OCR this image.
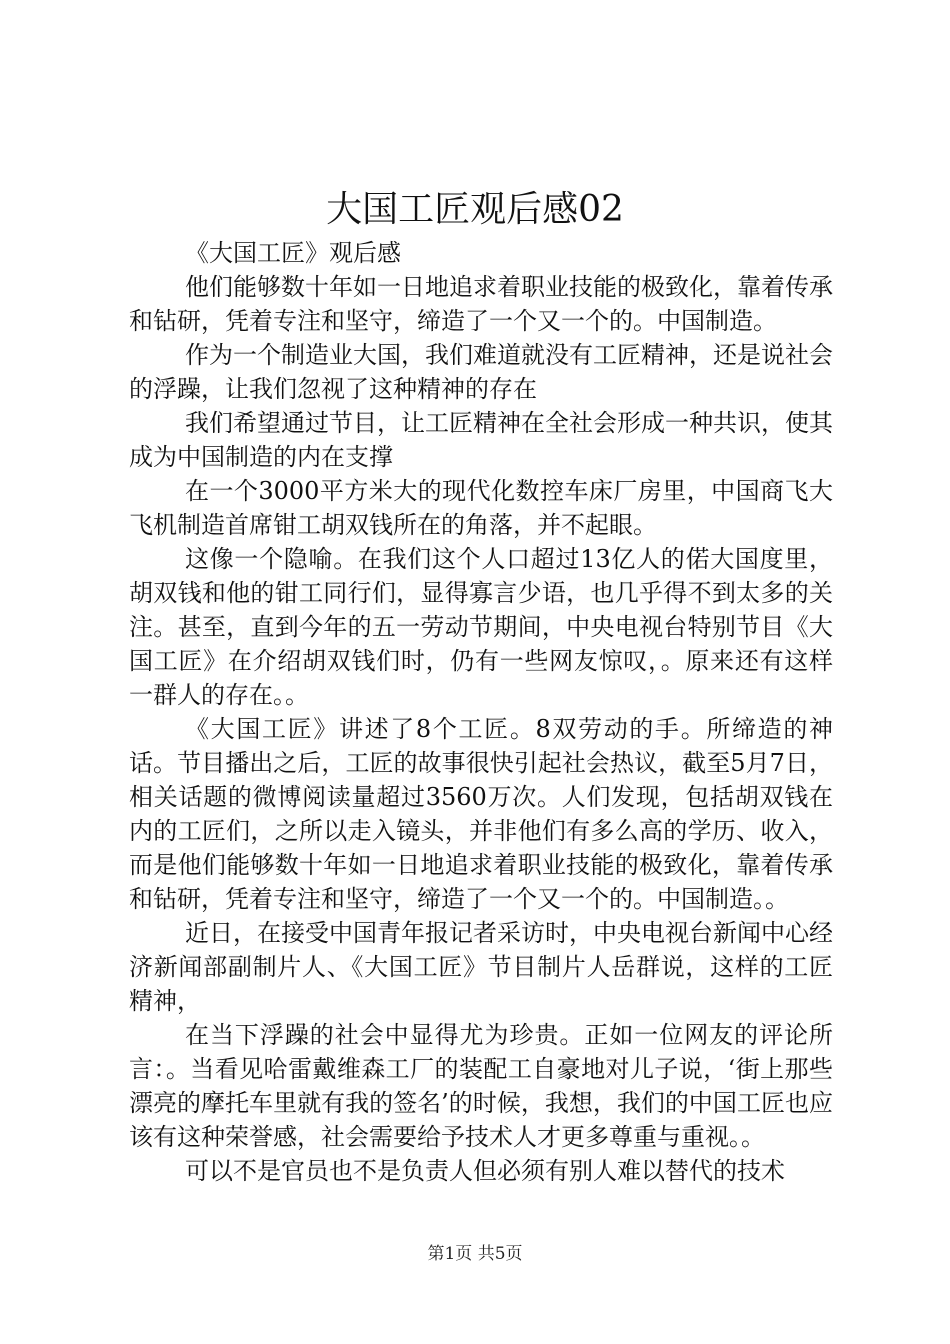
大国工匠观后感02

《大国工匠》观后感

他们能够数十年如一日地追求着职业技能的极致化，靠着传承和钻研，凭着专注和坚守，缔造了一个又一个的。中国制造。

作为一个制造业大国，我们难道就没有工匠精神，还是说社会的浮躁，让我们忽视了这种精神的存在

我们希望通过节目，让工匠精神在全社会形成一种共识，使其成为中国制造的内在支撑

在一个3000平方米大的现代化数控车床厂房里，中国商飞大飞机制造首席钳工胡双钱所在的角落，并不起眼。

这像一个隐喻。在我们这个人口超过13亿人的偌大国度里，胡双钱和他的钳工同行们，显得寡言少语，也几乎得不到太多的关注。甚至，直到今年的五一劳动节期间，中央电视台特别节目《大国工匠》在介绍胡双钱们时，仍有一些网友惊叹，。原来还有这样一群人的存在。。

《大国工匠》讲述了8个工匠。8双劳动的手。所缔造的神话。节目播出之后，工匠的故事很快引起社会热议，截至5月7日，相关话题的微博阅读量超过3560万次。人们发现，包括胡双钱在内的工匠们，之所以走入镜头，并非他们有多么高的学历、收入，而是他们能够数十年如一日地追求着职业技能的极致化，靠着传承和钻研，凭着专注和坚守，缔造了一个又一个的。中国制造。。

近日，在接受中国青年报记者采访时，中央电视台新闻中心经济新闻部副制片人、《大国工匠》节目制片人岳群说，这样的工匠精神，

在当下浮躁的社会中显得尤为珍贵。正如一位网友的评论所言：。当看见哈雷戴维森工厂的装配工自豪地对儿子说，‘街上那些漂亮的摩托车里就有我的签名’的时候，我想，我们的中国工匠也应该有这种荣誉感，社会需要给予技术人才更多尊重与重视。。

可以不是官员也不是负责人但必须有别人难以替代的技术

第1页 共5页
